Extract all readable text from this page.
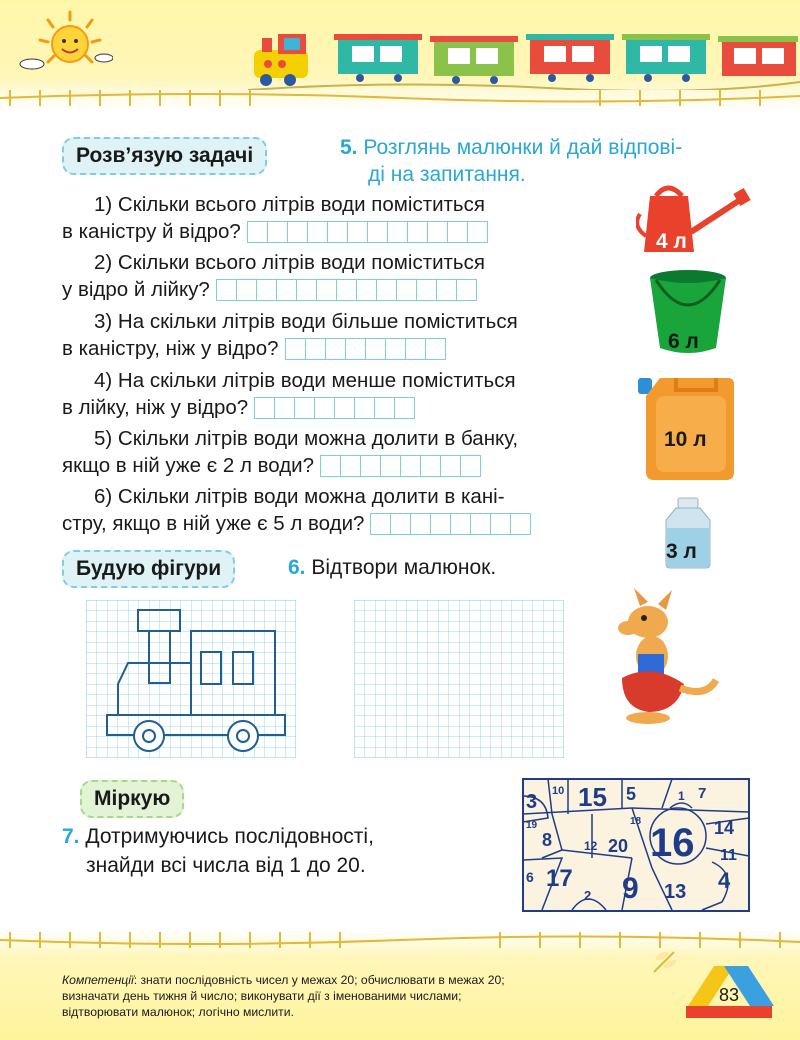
Розв’язую задачі	5. Розглянь малюнки й дай відпові-
ді на запитання.
1) Скільки всього літрів води поміститься
в каністру й відро?
2) Скільки всього літрів води поміститься
у відро й лійку?
3) На скільки літрів води більше поміститься
в каністру, ніж у відро?
4) На скільки літрів води менше поміститься
в лійку, ніж у відро?
5) Скільки літрів води можна долити в банку,
якщо в ній уже є 2 л води?
6) Скільки літрів води можна долити в кані-
стру, якщо в ній уже є 5 л води?
4 л
6 л
10 л
3 л
Будую фігури	6. Відтвори малюнок.
Міркую
7. Дотримуючись послідовності,
знайди всі числа від 1 до 20.
3 10 15 5	1 7
19	18
8	12 20 16 14
11
6 17
2 9 13 4
Компетенції: знати послідовність чисел у межах 20; обчислювати в межах 20;
визначати день тижня й число; виконувати дії з іменованими числами;
відтворювати малюнок; логічно мислити.
83
